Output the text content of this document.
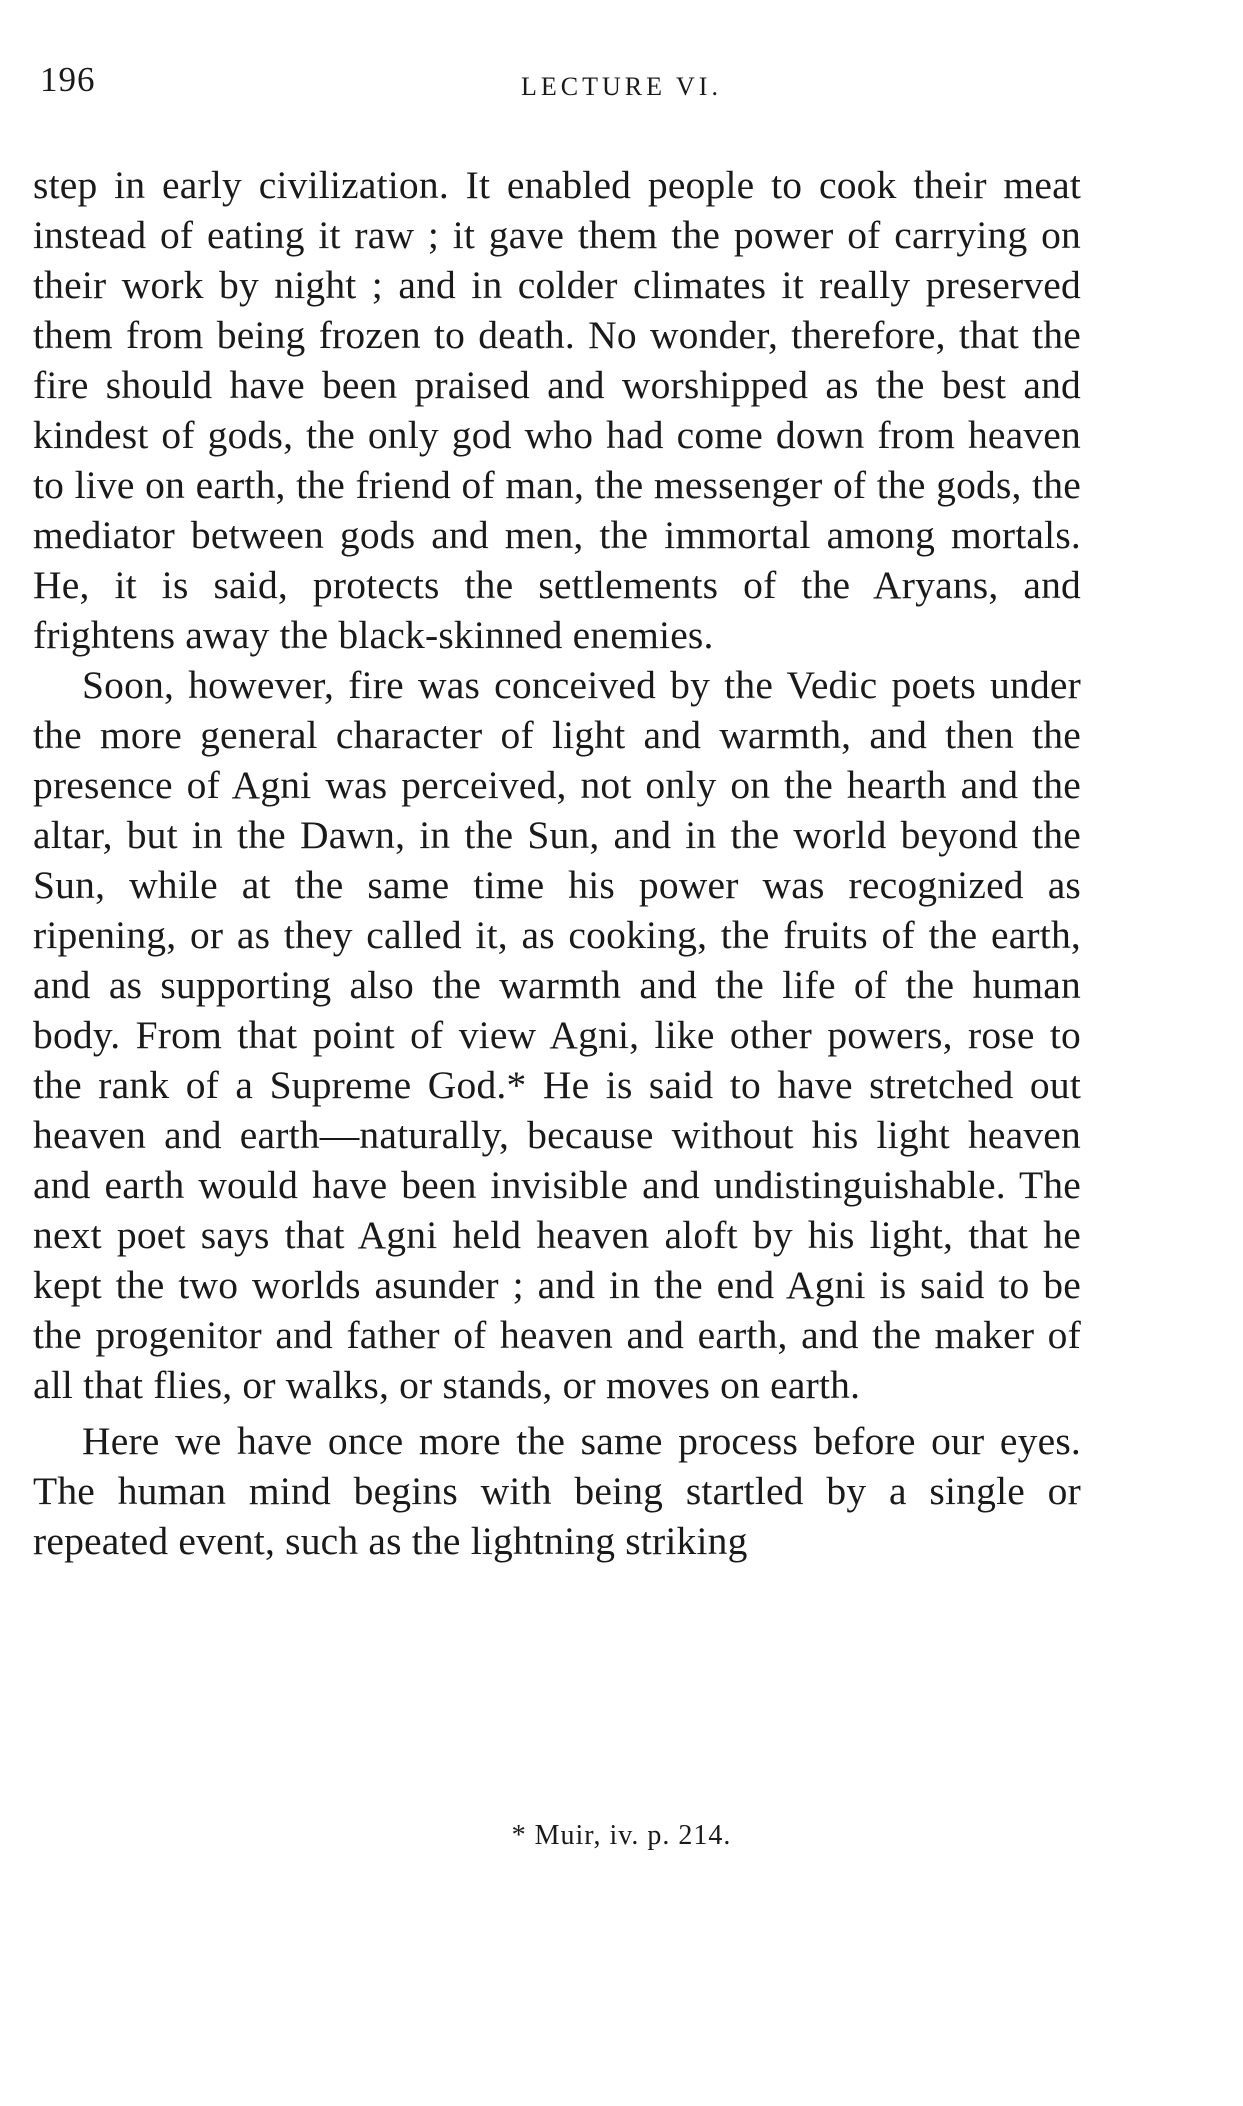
196	LECTURE VI.

step in early civilization. It enabled people to cook their meat instead of eating it raw ; it gave them the power of carrying on their work by night ; and in colder climates it really preserved them from being frozen to death. No wonder, therefore, that the fire should have been praised and worshipped as the best and kindest of gods, the only god who had come down from heaven to live on earth, the friend of man, the messenger of the gods, the mediator between gods and men, the immortal among mortals. He, it is said, protects the settlements of the Aryans, and frightens away the black-skinned enemies.

Soon, however, fire was conceived by the Vedic poets under the more general character of light and warmth, and then the presence of Agni was perceived, not only on the hearth and the altar, but in the Dawn, in the Sun, and in the world beyond the Sun, while at the same time his power was recognized as ripening, or as they called it, as cooking, the fruits of the earth, and as supporting also the warmth and the life of the human body. From that point of view Agni, like other powers, rose to the rank of a Supreme God.* He is said to have stretched out heaven and earth—naturally, because without his light heaven and earth would have been invisible and undistinguishable. The next poet says that Agni held heaven aloft by his light, that he kept the two worlds asunder ; and in the end Agni is said to be the progenitor and father of heaven and earth, and the maker of all that flies, or walks, or stands, or moves on earth.

Here we have once more the same process before our eyes. The human mind begins with being startled by a single or repeated event, such as the lightning striking

* Muir, iv. p. 214.
